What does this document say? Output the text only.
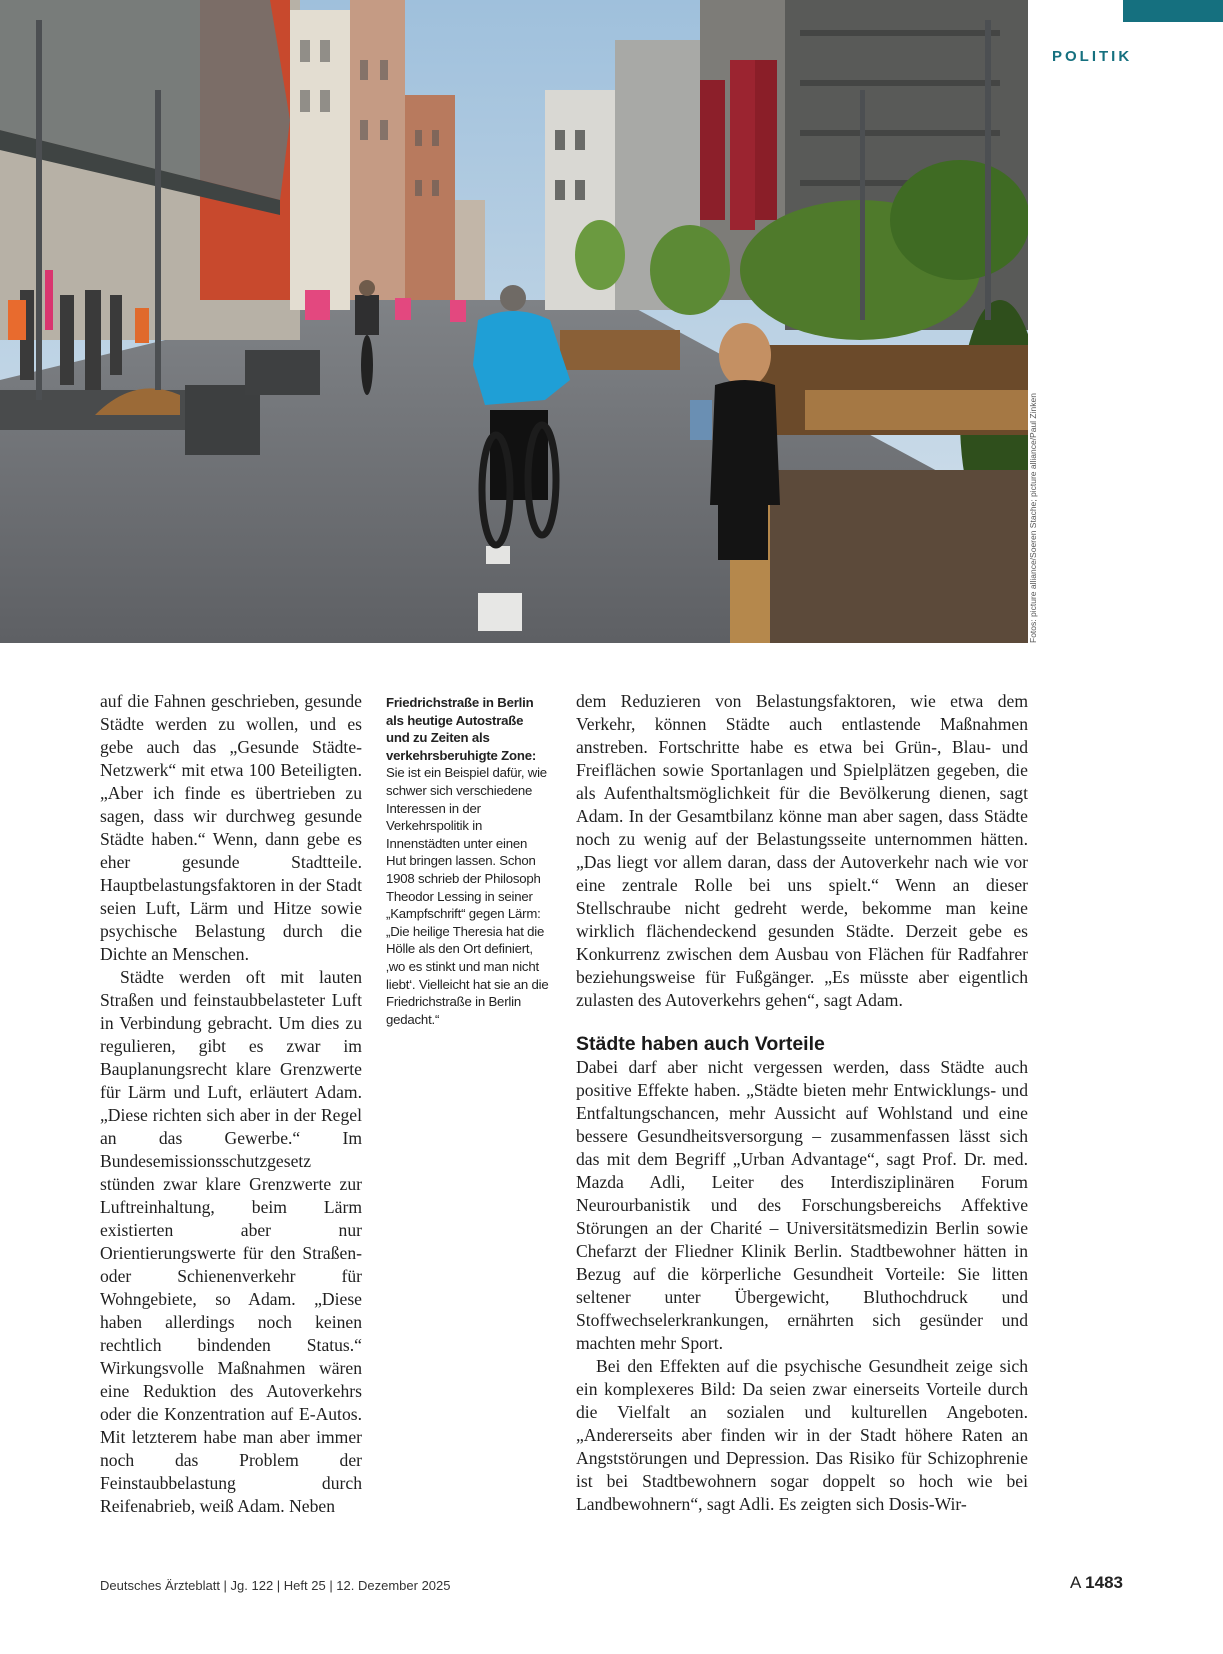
POLITIK
Fotos: picture alliance/Soeren Stache; picture alliance/Paul Zinken

auf die Fahnen geschrieben, gesunde Städte werden zu wollen, und es gebe auch das „Gesunde Städte-Netzwerk“ mit etwa 100 Beteiligten. „Aber ich finde es übertrieben zu sagen, dass wir durchweg gesunde Städte haben.“ Wenn, dann gebe es eher gesunde Stadtteile. Hauptbelastungsfaktoren in der Stadt seien Luft, Lärm und Hitze sowie psychische Belastung durch die Dichte an Menschen.

Städte werden oft mit lauten Straßen und feinstaubbelasteter Luft in Verbindung gebracht. Um dies zu regulieren, gibt es zwar im Bauplanungsrecht klare Grenzwerte für Lärm und Luft, erläutert Adam. „Diese richten sich aber in der Regel an das Gewerbe.“ Im Bundesemissionsschutzgesetz stünden zwar klare Grenzwerte zur Luftreinhaltung, beim Lärm existierten aber nur Orientierungswerte für den Straßen- oder Schienenverkehr für Wohngebiete, so Adam. „Diese haben allerdings noch keinen rechtlich bindenden Status.“ Wirkungsvolle Maßnahmen wären eine Reduktion des Autoverkehrs oder die Konzentration auf E-Autos. Mit letzterem habe man aber immer noch das Problem der Feinstaubbelastung durch Reifenabrieb, weiß Adam. Neben

Friedrichstraße in Berlin als heutige Autostraße und zu Zeiten als verkehrsberuhigte Zone: Sie ist ein Beispiel dafür, wie schwer sich verschiedene Interessen in der Verkehrspolitik in Innenstädten unter einen Hut bringen lassen. Schon 1908 schrieb der Philosoph Theodor Lessing in seiner „Kampfschrift“ gegen Lärm: „Die heilige Theresia hat die Hölle als den Ort definiert, ‚wo es stinkt und man nicht liebt‘. Vielleicht hat sie an die Friedrichstraße in Berlin gedacht.“

dem Reduzieren von Belastungsfaktoren, wie etwa dem Verkehr, können Städte auch entlastende Maßnahmen anstreben. Fortschritte habe es etwa bei Grün-, Blau- und Freiflächen sowie Sportanlagen und Spielplätzen gegeben, die als Aufenthaltsmöglichkeit für die Bevölkerung dienen, sagt Adam. In der Gesamtbilanz könne man aber sagen, dass Städte noch zu wenig auf der Belastungsseite unternommen hätten. „Das liegt vor allem daran, dass der Autoverkehr nach wie vor eine zentrale Rolle bei uns spielt.“ Wenn an dieser Stellschraube nicht gedreht werde, bekomme man keine wirklich flächendeckend gesunden Städte. Derzeit gebe es Konkurrenz zwischen dem Ausbau von Flächen für Radfahrer beziehungsweise für Fußgänger. „Es müsste aber eigentlich zulasten des Autoverkehrs gehen“, sagt Adam.

Städte haben auch Vorteile

Dabei darf aber nicht vergessen werden, dass Städte auch positive Effekte haben. „Städte bieten mehr Entwicklungs- und Entfaltungschancen, mehr Aussicht auf Wohlstand und eine bessere Gesundheitsversorgung – zusammenfassen lässt sich das mit dem Begriff „Urban Advantage“, sagt Prof. Dr. med. Mazda Adli, Leiter des Interdisziplinären Forum Neurourbanistik und des Forschungsbereichs Affektive Störungen an der Charité – Universitätsmedizin Berlin sowie Chefarzt der Fliedner Klinik Berlin. Stadtbewohner hätten in Bezug auf die körperliche Gesundheit Vorteile: Sie litten seltener unter Übergewicht, Bluthochdruck und Stoffwechselerkrankungen, ernährten sich gesünder und machten mehr Sport.

Bei den Effekten auf die psychische Gesundheit zeige sich ein komplexeres Bild: Da seien zwar einerseits Vorteile durch die Vielfalt an sozialen und kulturellen Angeboten. „Andererseits aber finden wir in der Stadt höhere Raten an Angststörungen und Depression. Das Risiko für Schizophrenie ist bei Stadtbewohnern sogar doppelt so hoch wie bei Landbewohnern“, sagt Adli. Es zeigten sich Dosis-Wir-

Deutsches Ärzteblatt | Jg. 122 | Heft 25 | 12. Dezember 2025	A 1483
